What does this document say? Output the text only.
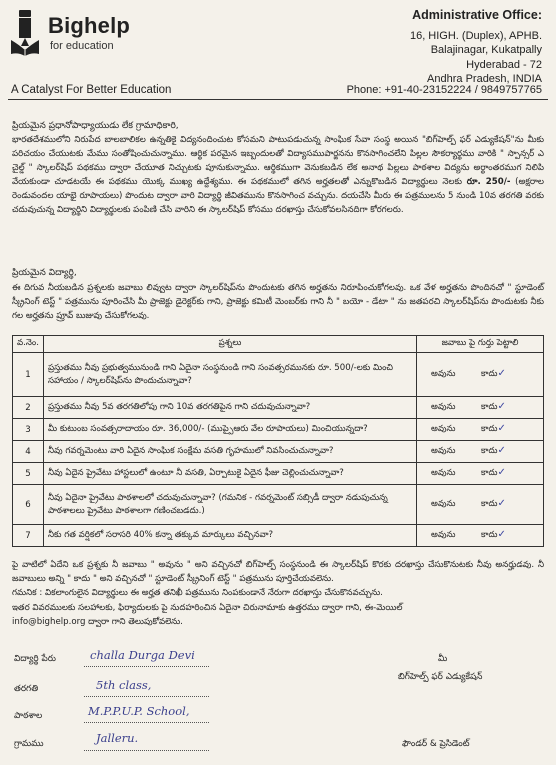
Bighelp
for education
A Catalyst For Better Education
Administrative Office:
16, HIGH. (Duplex), APHB.
Balajinagar, Kukatpally
Hyderabad - 72
Andhra Pradesh, INDIA
Phone: +91-40-23152224 / 9849757765
ప్రియమైన ప్రధానోపాధ్యాయుడు లేక గ్రామాధికారి,
భారతదేశములోని నిరుపేద బాలబాలికల ఉన్నతికై విద్యనందించుట కోసమని పాటుపడుచున్న సాంఘిక సేవా సంస్థ అయిన "బిగ్‌హెల్ప్ ఫర్ ఎడ్యుకేషన్"ను మీకు పరిచయం చేయుటకు మేము సంతోషించుచున్నాము. ఆర్థిక పరమైన ఇబ్బందులతో విద్యాసముపార్జనను కొనసాగించలేని పిల్లల సౌకర్యార్థము వారికి " స్పాన్సర్ ఎ చైల్డ్ " స్కాలర్‌షిప్ పథకము ద్వారా చేయూత నిచ్చుటకు పూనుకున్నాము. ఆర్థికముగా వెనుకబడిన లేక అనాథ పిల్లలు పాఠశాల విద్యను అర్థాంతరముగ నిలిపి వేయకుండా చూడటయే ఈ పథకము యొక్క ముఖ్య ఉద్దేశ్యము. ఈ పథకములో తగిన అర్హతలతో ఎన్నుకొబడిన విద్యార్థులు నెలకు రూ. 250/- (అక్షరాల రెండువందల యాభై రూపాయలు) పొందుట ద్వారా వారి విద్యార్థి జీవితమును కొనసాగించ వచ్చును. దయచేసి మీరు ఈ పత్రములను 5 నుండి 10వ తరగతి వరకు చదువుచున్న విద్యార్థిని విద్యార్థులకు పంపిణి చేసి వారిని ఈ స్కాలర్‌షిప్ కోసము దరఖాస్తు చేసుకోవలసినదిగా కోరగలరు.
ప్రియమైన విద్యార్థి,
ఈ దిగువ నీయబడిన ప్రశ్నలకు జవాబు లివ్వుట ద్వారా స్కాలర్‌షిప్‌ను పొందుటకు తగిన అర్హతను నిరూపించుకోగలవు. ఒక వేళ అర్హతను పొందినచో " స్టూడెంట్ స్క్రీనింగ్ టెస్ట్ " పత్రమును పూరించేసి మీ ప్రాజెక్టు డైరెక్టర్‌కు గాని, ప్రాజెక్టు కమిటీ మెంబర్‌కు గాని నీ " బయో - డేటా " ను జతపరచి స్కాలర్‌షిప్‌ను పొందుటకు నీకు గల అర్హతను ప్రూవ్ బుజువు చేసుకోగలవు.
వ.నెం.	ప్రశ్నలు	జవాబు పై గుర్తు పెట్టాలి
1	ప్రస్తుతము నీవు ప్రభుత్వమునుండి గాని ఏదైనా సంస్థనుండి గాని సంవత్సరమునకు రూ. 500/-లకు మించి సహాయం / స్కాలర్‌షిప్‌ను పొందుచున్నావా?	అవును కాదు✓
2	ప్రస్తుతము నీవు 5వ తరగతిలోపు గాని 10వ తరగతిపైన గాని చదువుచున్నావా?	అవును కాదు✓
3	మీ కుటుంబ సంవత్సరాదాయం రూ. 36,000/- (ముప్పైఆరు వేల రూపాయలు) మించియున్నదా?	అవును కాదు✓
4	నీవు గవర్నమెంటు వారి ఏదైన సాంఘిక సంక్షేమ వసతి గృహములో నివసించుచున్నావా?	అవును కాదు✓
5	నీవు ఏదైన ప్రైవేటు హాస్టలులో ఉంటూ నీ వసతి, ఏర్పాటుకై ఏదైన ఫీజు చెల్లించుచున్నావా?	అవును కాదు✓
6	నీవు ఏదైనా ప్రైవేటు పాఠశాలలో చదువుచున్నావా? (గమనిక - గవర్నమెంట్ సబ్సిడీ ద్వారా నడుపుచున్న పాఠశాలలు ప్రైవేటు పాఠశాలగా గణించబడదు.)	అవును కాదు✓
7	నీకు గత వర్షికలో సరాసరి 40% కన్నా తక్కువ మార్కులు వచ్చినవా?	అవును కాదు✓
పై వాటిలో ఏదేని ఒక ప్రశ్నకు నీ జవాబు " అవును " అని వచ్చినచో బిగ్‌హెల్ప్ సంస్థనుండి ఈ స్కాలర్‌షిప్ కొరకు దరఖాస్తు చేసుకొనుటకు నీవు అనర్హుడవు. నీ జవాబులు అన్ని " కాదు " అని వచ్చినచో " స్టూడెంట్ స్క్రీనింగ్ టెస్ట్ " పత్రమును పూర్తిచేయవలెను.
గమనిక : వికలాంగులైన విద్యార్థులు ఈ అర్హత తనిఖీ పత్రమును నింపకుండానే నేరుగా దరఖాస్తు చేసుకొనవచ్చును.
ఇతర వివరములకు సలహాలకు, ఫిర్యాదులకు పై నుదహరించిన ఏదైనా చిరునామాకు ఉత్తరము ద్వారా గాని, ఈ-మెయిల్
info@bighelp.org ద్వారా గాని తెలుపుకోవలెను.
విద్యార్థి పేరు	challa Durga Devi
తరగతి	5th class,
పాఠశాల	M.P.P.U.P. School,
గ్రామము	Jalleru.
మీ
బిగ్‌హెల్ప్ ఫర్ ఎడ్యుకేషన్
ఫౌండర్ & ప్రెసిడెంట్
